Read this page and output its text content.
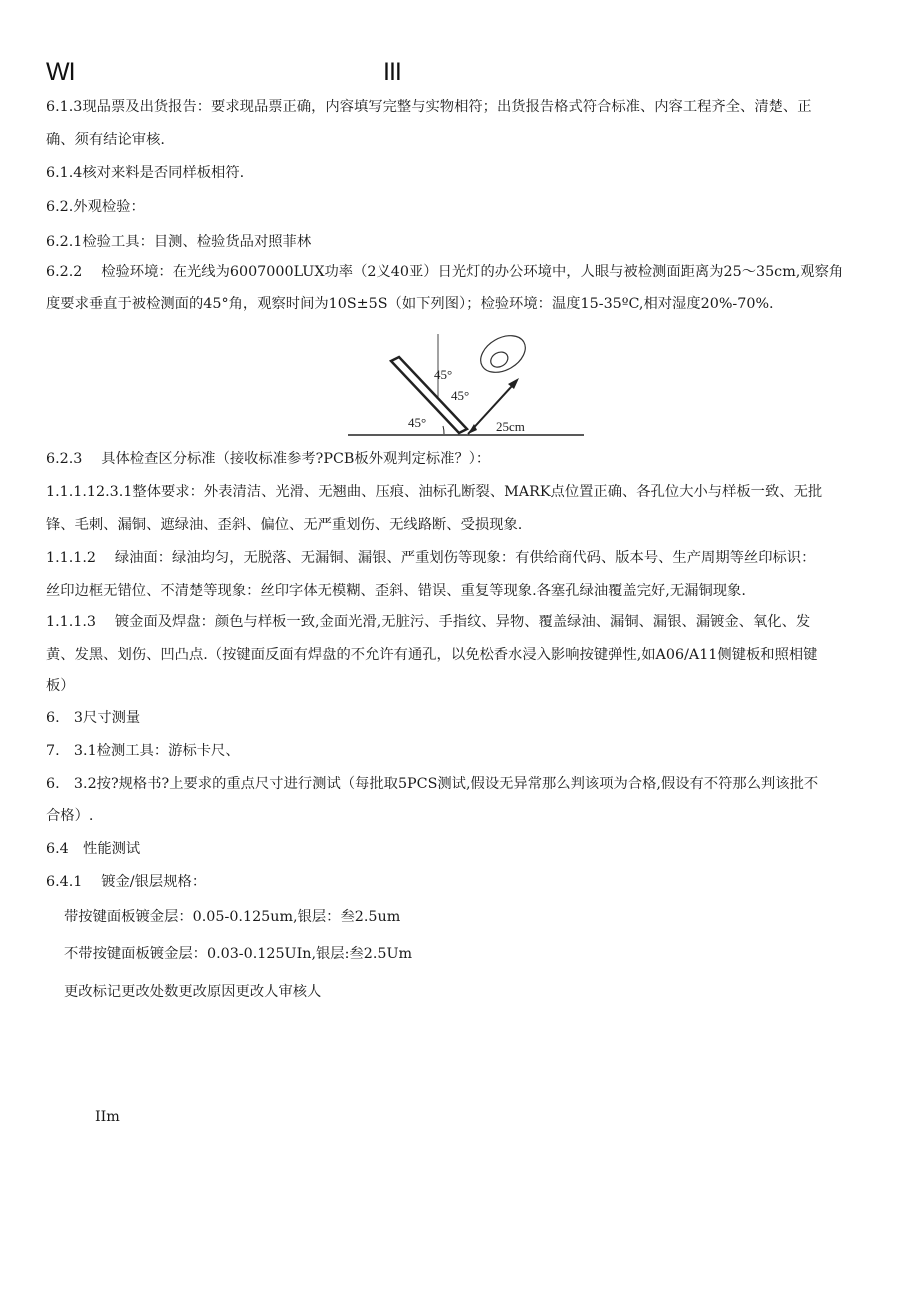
WI	III
6.1.3现品票及出货报告：要求现品票正确，内容填写完整与实物相符；出货报告格式符合标准、内容工程齐全、清楚、正
确、须有结论审核.
6.1.4核对来料是否同样板相符.
6.2.外观检验：
6.2.1检验工具：目测、检验货品对照菲林
6.2.2　 检验环境：在光线为6007000LUX功率（2义40亚）日光灯的办公环境中，人眼与被检测面距离为25～35cm,观察角
度要求垂直于被检测面的45°角，观察时间为10S±5S（如下列图）；检验环境：温度15-35ºC,相对湿度20%-70%.
45°
45°
45°	25cm
6.2.3　 具体检查区分标准（接收标准参考?PCB板外观判定标准？）：
1.1.1.12.3.1整体要求：外表清洁、光滑、无翘曲、压痕、油标孔断裂、MARK点位置正确、各孔位大小与样板一致、无批
锋、毛刺、漏铜、遮绿油、歪斜、偏位、无严重划伤、无线路断、受损现象.
1.1.1.2　 绿油面：绿油均匀，无脱落、无漏铜、漏银、严重划伤等现象：有供给商代码、版本号、生产周期等丝印标识：
丝印边框无错位、不清楚等现象：丝印字体无模糊、歪斜、错误、重复等现象.各塞孔绿油覆盖完好,无漏铜现象.
1.1.1.3　 镀金面及焊盘：颜色与样板一致,金面光滑,无脏污、手指纹、异物、覆盖绿油、漏铜、漏银、漏镀金、氧化、发
黄、发黑、划伤、凹凸点.（按键面反面有焊盘的不允许有通孔，以免松香水浸入影响按键弹性,如A06/A11侧键板和照相键
板）
6.　3尺寸测量
7.　3.1检测工具：游标卡尺、
6.　3.2按?规格书?上要求的重点尺寸进行测试（每批取5PCS测试,假设无异常那么判该项为合格,假设有不符那么判该批不
合格）.
6.4　性能测试
6.4.1　 镀金/银层规格：
带按键面板镀金层：0.05-0.125um,银层：叁2.5um
不带按键面板镀金层：0.03-0.125UIn,银层:叁2.5Um
更改标记更改处数更改原因更改人审核人
IIm
